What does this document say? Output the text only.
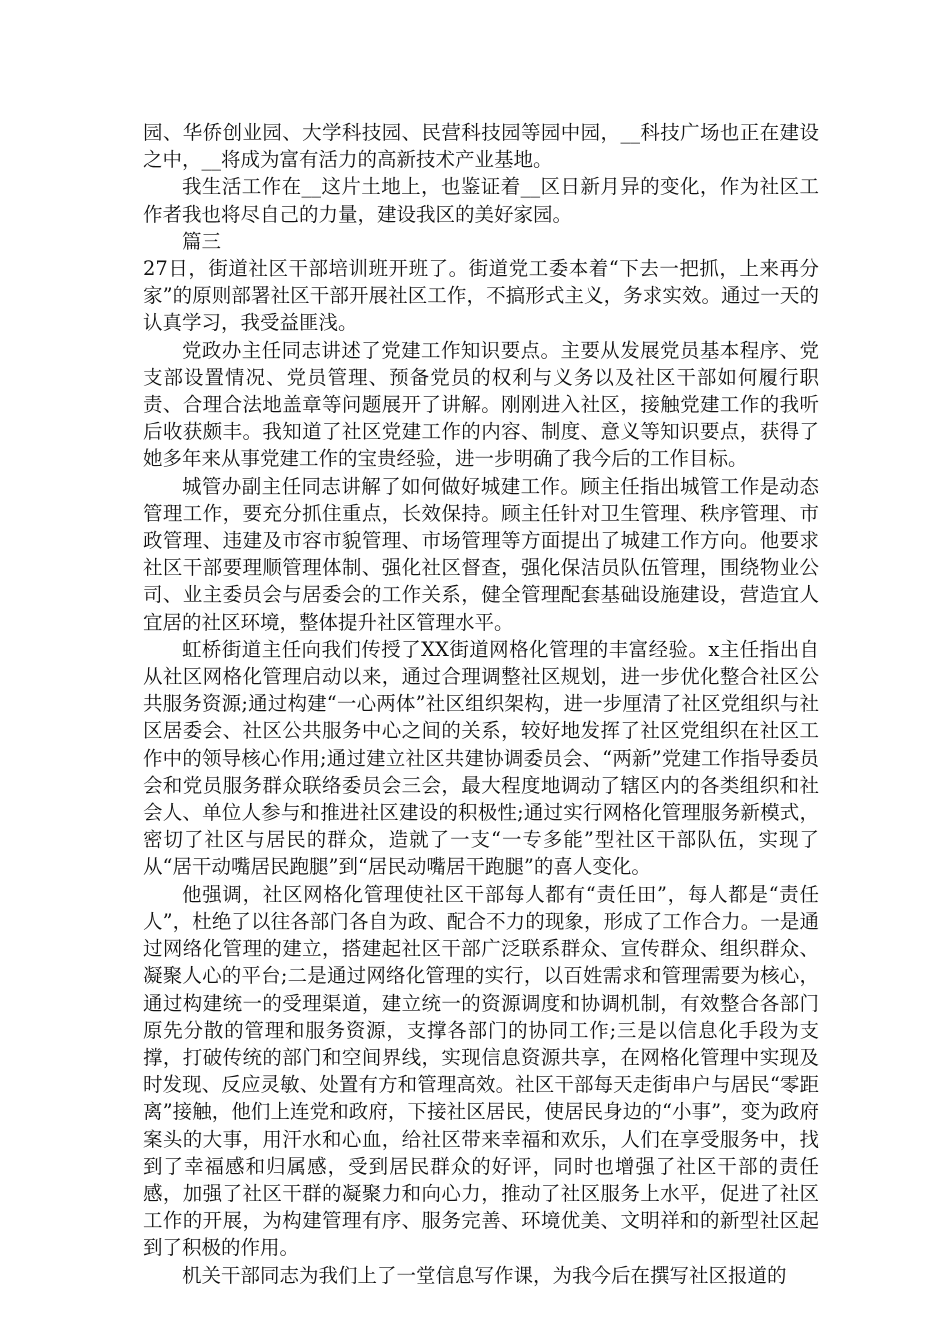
园、华侨创业园、大学科技园、民营科技园等园中园，__科技广场也正在建设之中，__将成为富有活力的高新技术产业基地。

我生活工作在__这片土地上，也鉴证着__区日新月异的变化，作为社区工作者我也将尽自己的力量，建设我区的美好家园。

篇三

27日，街道社区干部培训班开班了。街道党工委本着“下去一把抓，上来再分家”的原则部署社区干部开展社区工作，不搞形式主义，务求实效。通过一天的认真学习，我受益匪浅。

党政办主任同志讲述了党建工作知识要点。主要从发展党员基本程序、党支部设置情况、党员管理、预备党员的权利与义务以及社区干部如何履行职责、合理合法地盖章等问题展开了讲解。刚刚进入社区，接触党建工作的我听后收获颇丰。我知道了社区党建工作的内容、制度、意义等知识要点，获得了她多年来从事党建工作的宝贵经验，进一步明确了我今后的工作目标。

城管办副主任同志讲解了如何做好城建工作。顾主任指出城管工作是动态管理工作，要充分抓住重点，长效保持。顾主任针对卫生管理、秩序管理、市政管理、违建及市容市貌管理、市场管理等方面提出了城建工作方向。他要求社区干部要理顺管理体制、强化社区督查，强化保洁员队伍管理，围绕物业公司、业主委员会与居委会的工作关系，健全管理配套基础设施建设，营造宜人宜居的社区环境，整体提升社区管理水平。

虹桥街道主任向我们传授了XX街道网格化管理的丰富经验。x主任指出自从社区网格化管理启动以来，通过合理调整社区规划，进一步优化整合社区公共服务资源;通过构建“一心两体”社区组织架构，进一步厘清了社区党组织与社区居委会、社区公共服务中心之间的关系，较好地发挥了社区党组织在社区工作中的领导核心作用;通过建立社区共建协调委员会、“两新”党建工作指导委员会和党员服务群众联络委员会三会，最大程度地调动了辖区内的各类组织和社会人、单位人参与和推进社区建设的积极性;通过实行网格化管理服务新模式，密切了社区与居民的群众，造就了一支“一专多能”型社区干部队伍，实现了从“居干动嘴居民跑腿”到“居民动嘴居干跑腿”的喜人变化。

他强调，社区网格化管理使社区干部每人都有“责任田”，每人都是“责任人”，杜绝了以往各部门各自为政、配合不力的现象，形成了工作合力。一是通过网络化管理的建立，搭建起社区干部广泛联系群众、宣传群众、组织群众、凝聚人心的平台;二是通过网络化管理的实行，以百姓需求和管理需要为核心，通过构建统一的受理渠道，建立统一的资源调度和协调机制，有效整合各部门原先分散的管理和服务资源，支撑各部门的协同工作;三是以信息化手段为支撑，打破传统的部门和空间界线，实现信息资源共享，在网格化管理中实现及时发现、反应灵敏、处置有方和管理高效。社区干部每天走街串户与居民“零距离”接触，他们上连党和政府，下接社区居民，使居民身边的“小事”，变为政府案头的大事，用汗水和心血，给社区带来幸福和欢乐，人们在享受服务中，找到了幸福感和归属感，受到居民群众的好评，同时也增强了社区干部的责任感，加强了社区干群的凝聚力和向心力，推动了社区服务上水平，促进了社区工作的开展，为构建管理有序、服务完善、环境优美、文明祥和的新型社区起到了积极的作用。

机关干部同志为我们上了一堂信息写作课，为我今后在撰写社区报道的
